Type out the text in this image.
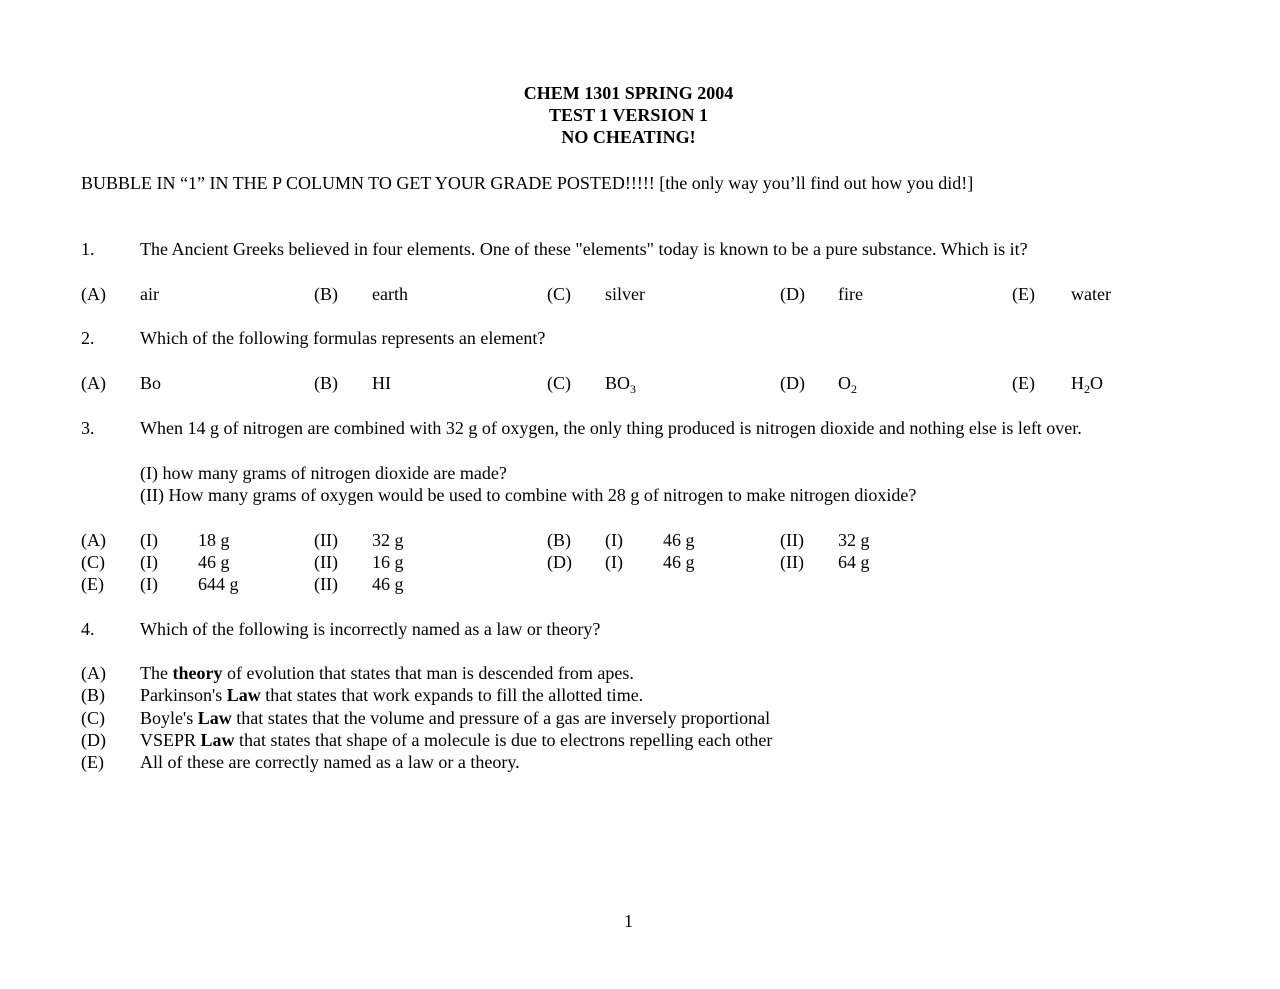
CHEM 1301 SPRING 2004
TEST 1 VERSION 1
NO CHEATING!
BUBBLE IN “1” IN THE P COLUMN TO GET YOUR GRADE POSTED!!!!! [the only way you’ll find out how you did!]
1.	The Ancient Greeks believed in four elements. One of these "elements" today is known to be a pure substance. Which is it?
(A) air	(B) earth	(C) silver	(D) fire	(E) water
2.	Which of the following formulas represents an element?
(A) Bo	(B) HI	(C) $BO_3$	(D) $O_2$	(E) $H_2O$
3.	When 14 g of nitrogen are combined with 32 g of oxygen, the only thing produced is nitrogen dioxide and nothing else is left over.
(I) how many grams of nitrogen dioxide are made?
(II) How many grams of oxygen would be used to combine with 28 g of nitrogen to make nitrogen dioxide?
(A) (I) 18 g	(II) 32 g	(B) (I) 46 g	(II) 32 g
(C) (I) 46 g	(II) 16 g	(D) (I) 46 g	(II) 64 g
(E) (I) 644 g	(II) 46 g
4.	Which of the following is incorrectly named as a law or theory?
(A) The theory of evolution that states that man is descended from apes.
(B) Parkinson's Law that states that work expands to fill the allotted time.
(C) Boyle's Law that states that the volume and pressure of a gas are inversely proportional
(D) VSEPR Law that states that shape of a molecule is due to electrons repelling each other
(E) All of these are correctly named as a law or a theory.
1
